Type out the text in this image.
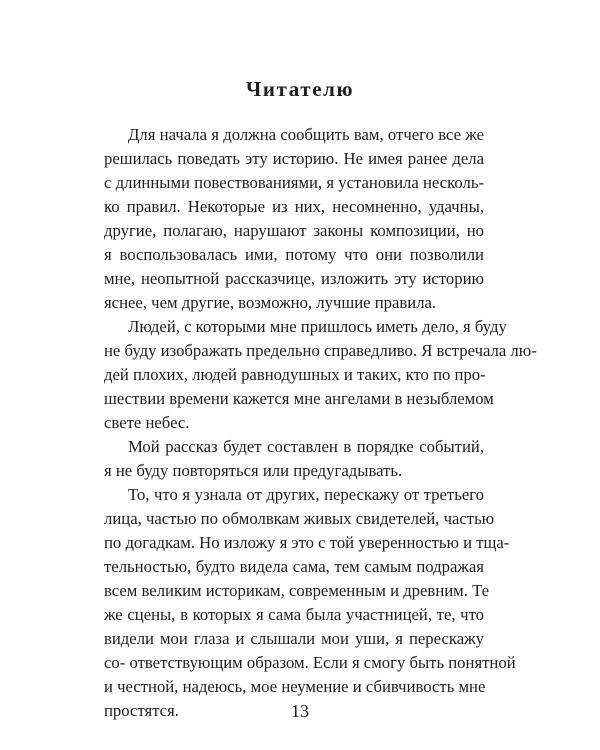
Читателю
Для начала я должна сообщить вам, отчего все же
решилась поведать эту историю. Не имея ранее дела
с длинными повествованиями, я установила несколь-
ко правил. Некоторые из них, несомненно, удачны,
другие, полагаю, нарушают законы композиции, но
я воспользовалась ими, потому что они позволили
мне, неопытной рассказчице, изложить эту историю
яснее, чем другие, возможно, лучшие правила.
Людей, с которыми мне пришлось иметь дело, я буду
не буду изображать предельно справедливо. Я встречала лю-
дей плохих, людей равнодушных и таких, кто по про-
шествии времени кажется мне ангелами в незыблемом
свете небес.
Мой рассказ будет составлен в порядке событий,
я не буду повторяться или предугадывать.
То, что я узнала от других, перескажу от третьего
лица, частью по обмолвкам живых свидетелей, частью
по догадкам. Но изложу я это с той уверенностью и тща-
тельностью, будто видела сама, тем самым подражая
всем великим историкам, современным и древним. Те
же сцены, в которых я сама была участницей, те, что
видели мои глаза и слышали мои уши, я перескажу
со- ответствующим образом. Если я смогу быть понятной
и честной, надеюсь, мое неумение и сбивчивость мне
простятся.	13
